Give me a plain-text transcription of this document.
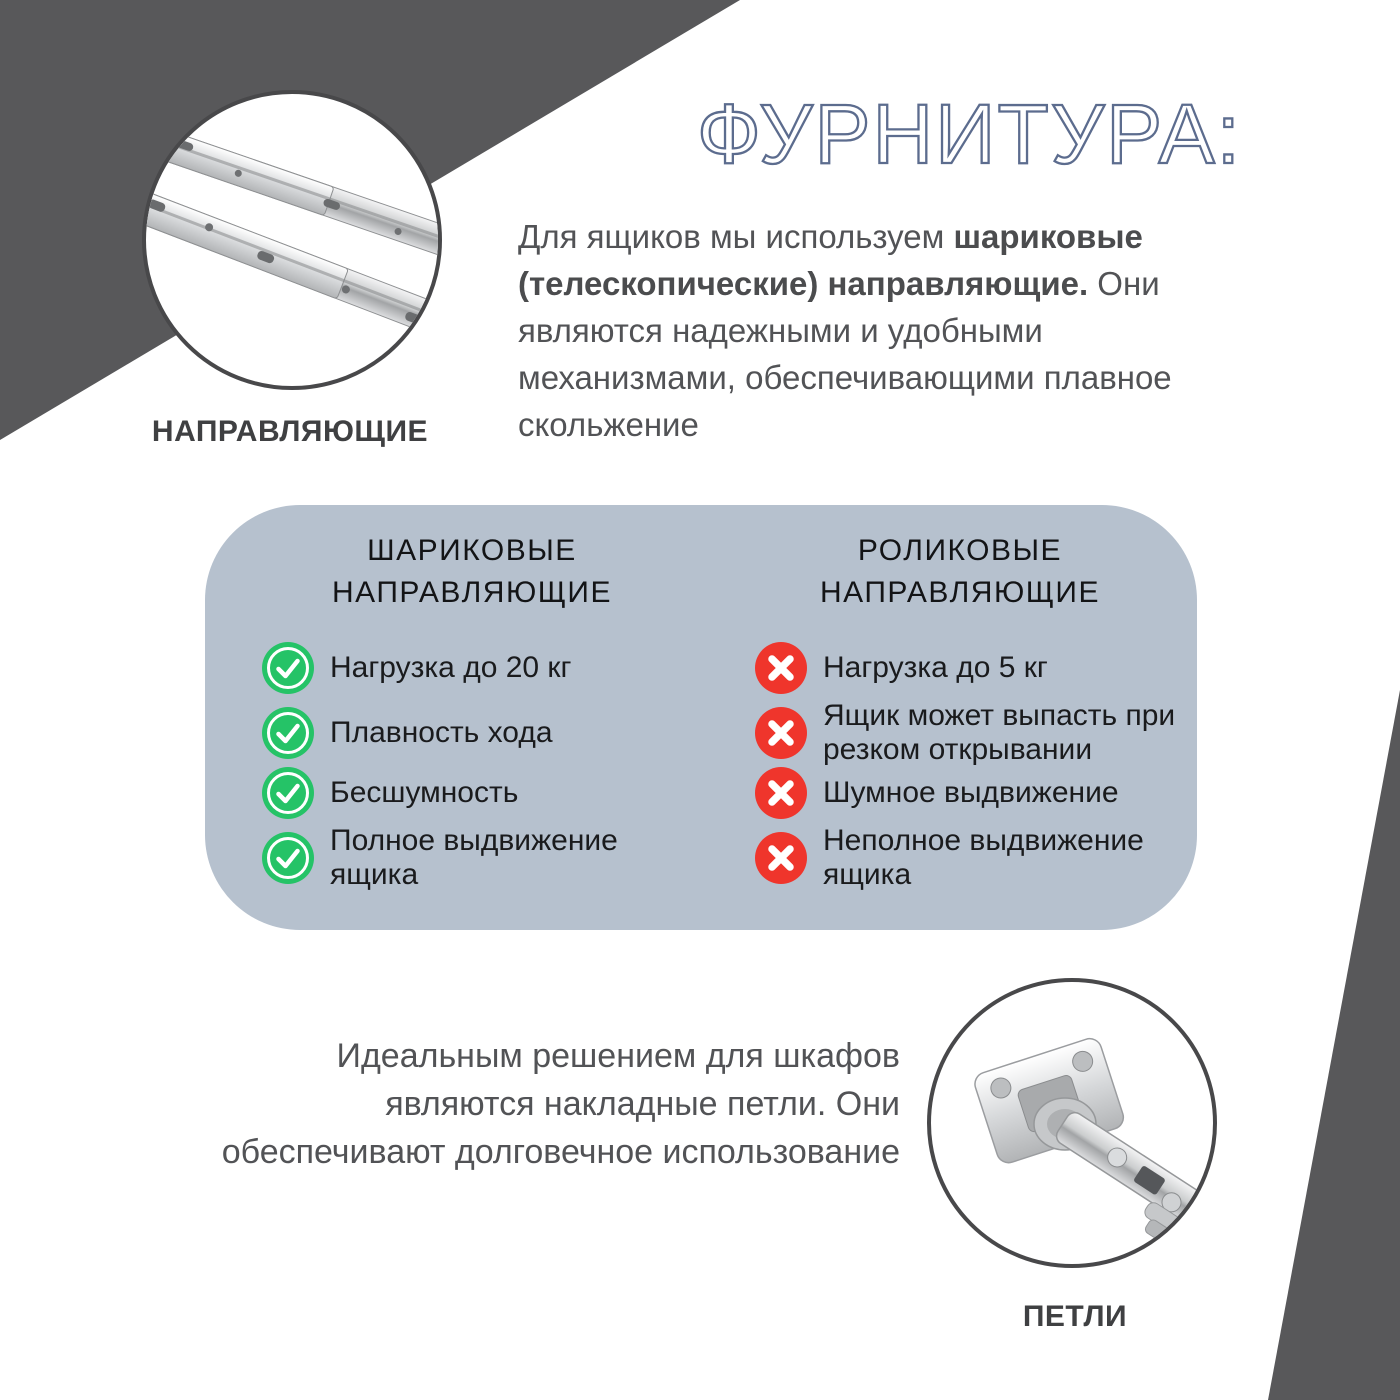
НАПРАВЛЯЮЩИЕ
ФУРНИТУРА:
Для ящиков мы используем шариковые (телескопические) направляющие. Они являются надежными и удобными механизмами, обеспечивающими плавное скольжение
ШАРИКОВЫЕ
НАПРАВЛЯЮЩИЕ
РОЛИКОВЫЕ
НАПРАВЛЯЮЩИЕ
Нагрузка до 20 кг
Плавность хода
Бесшумность
Полное выдвижение ящика
Нагрузка до 5 кг
Ящик может выпасть при резком открывании
Шумное выдвижение
Неполное выдвижение ящика
Идеальным решением для шкафов являются накладные петли. Они обеспечивают долговечное использование
ПЕТЛИ
